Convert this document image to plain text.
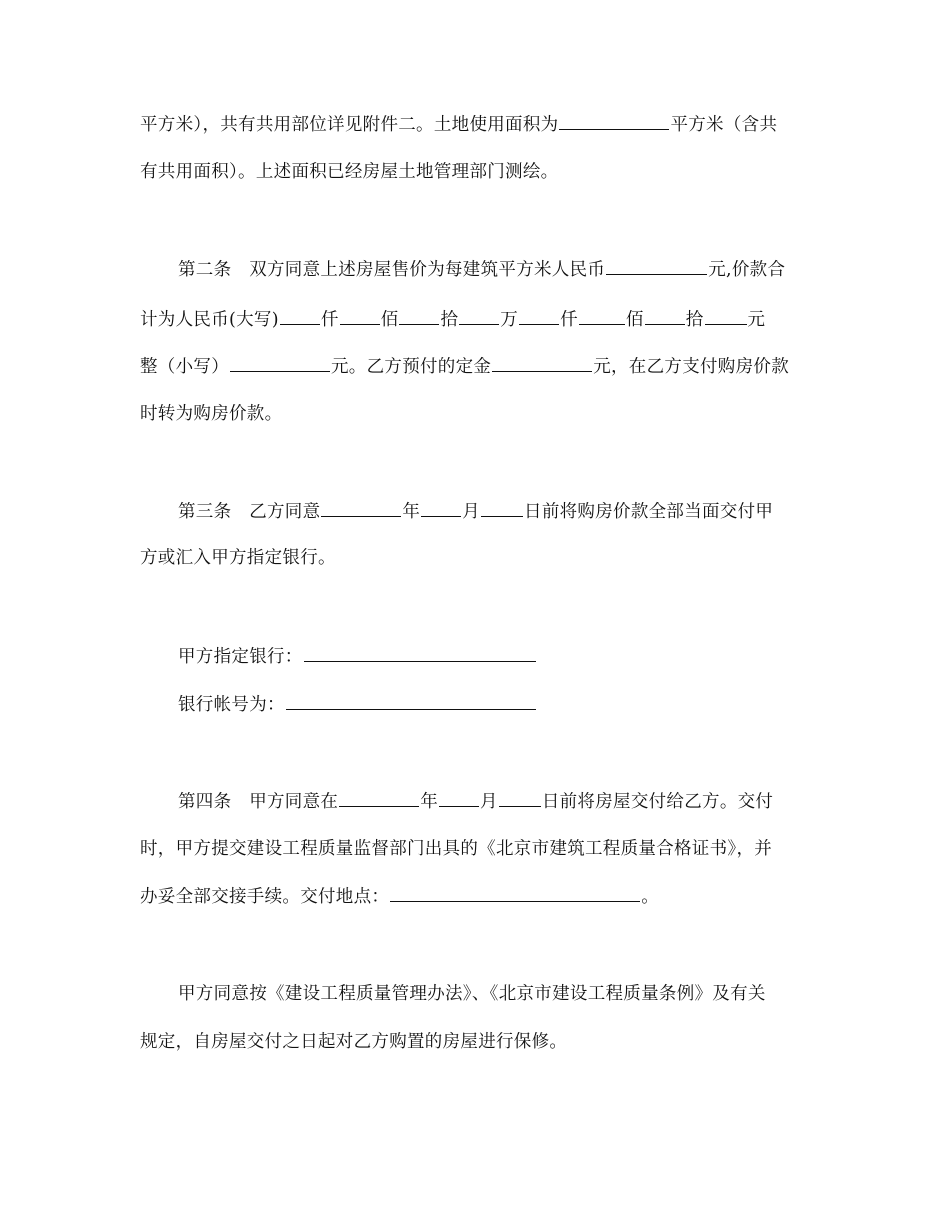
平方米），共有共用部位详见附件二。土地使用面积为	平方米（含共
有共用面积）。上述面积已经房屋土地管理部门测绘。
第二条　双方同意上述房屋售价为每建筑平方米人民币	元,价款合
计为人民币(大写) 仟 佰 拾 万 仟	佰 拾	元
整（小写）	元。乙方预付的定金	元，在乙方支付购房价款
时转为购房价款。
第三条　乙方同意	年 月	日前将购房价款全部当面交付甲
方或汇入甲方指定银行。
甲方指定银行：
银行帐号为：
第四条　甲方同意在	年 月	日前将房屋交付给乙方。交付
时，甲方提交建设工程质量监督部门出具的《北京市建筑工程质量合格证书》，并
办妥全部交接手续。交付地点：	。
甲方同意按《建设工程质量管理办法》、《北京市建设工程质量条例》及有关
规定，自房屋交付之日起对乙方购置的房屋进行保修。
